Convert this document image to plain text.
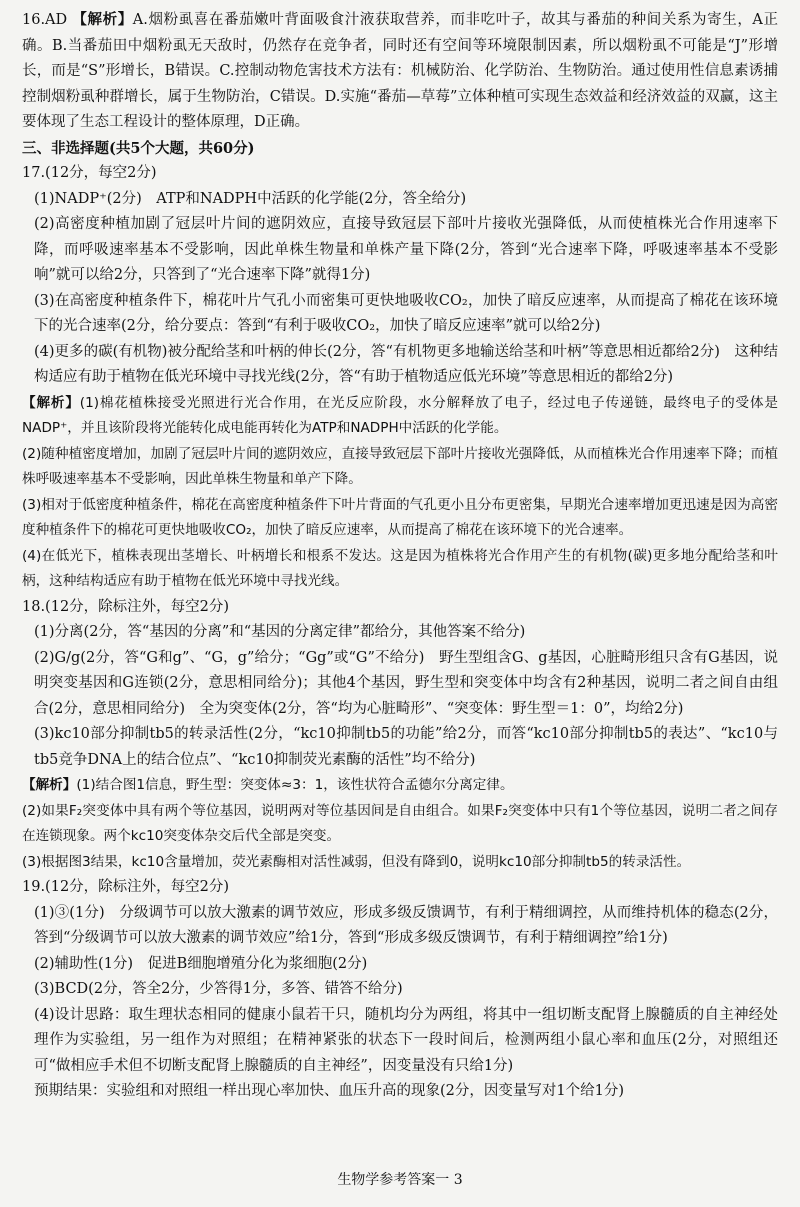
16.AD 【解析】A.烟粉虱喜在番茄嫩叶背面吸食汁液获取营养，而非吃叶子，故其与番茄的种间关系为寄生，A正确。B.当番茄田中烟粉虱无天敌时，仍然存在竞争者，同时还有空间等环境限制因素，所以烟粉虱不可能是“J”形增长，而是“S”形增长，B错误。C.控制动物危害技术方法有：机械防治、化学防治、生物防治。通过使用性信息素诱捕控制烟粉虱种群增长，属于生物防治，C错误。D.实施“番茄—草莓”立体种植可实现生态效益和经济效益的双赢，这主要体现了生态工程设计的整体原理，D正确。

三、非选择题(共5个大题，共60分)

17.(12分，每空2分)

(1)NADP⁺(2分)　ATP和NADPH中活跃的化学能(2分，答全给分)

(2)高密度种植加剧了冠层叶片间的遮阴效应，直接导致冠层下部叶片接收光强降低，从而使植株光合作用速率下降，而呼吸速率基本不受影响，因此单株生物量和单株产量下降(2分，答到“光合速率下降，呼吸速率基本不受影响”就可以给2分，只答到了“光合速率下降”就得1分)

(3)在高密度种植条件下，棉花叶片气孔小而密集可更快地吸收CO₂，加快了暗反应速率，从而提高了棉花在该环境下的光合速率(2分，给分要点：答到“有利于吸收CO₂，加快了暗反应速率”就可以给2分)

(4)更多的碳(有机物)被分配给茎和叶柄的伸长(2分，答“有机物更多地输送给茎和叶柄”等意思相近都给2分)　这种结构适应有助于植物在低光环境中寻找光线(2分，答“有助于植物适应低光环境”等意思相近的都给2分)

【解析】(1)棉花植株接受光照进行光合作用，在光反应阶段，水分解释放了电子，经过电子传递链，最终电子的受体是NADP⁺，并且该阶段将光能转化成电能再转化为ATP和NADPH中活跃的化学能。

(2)随种植密度增加，加剧了冠层叶片间的遮阴效应，直接导致冠层下部叶片接收光强降低，从而植株光合作用速率下降；而植株呼吸速率基本不受影响，因此单株生物量和单产下降。

(3)相对于低密度种植条件，棉花在高密度种植条件下叶片背面的气孔更小且分布更密集，早期光合速率增加更迅速是因为高密度种植条件下的棉花可更快地吸收CO₂，加快了暗反应速率，从而提高了棉花在该环境下的光合速率。

(4)在低光下，植株表现出茎增长、叶柄增长和根系不发达。这是因为植株将光合作用产生的有机物(碳)更多地分配给茎和叶柄，这种结构适应有助于植物在低光环境中寻找光线。

18.(12分，除标注外，每空2分)

(1)分离(2分，答“基因的分离”和“基因的分离定律”都给分，其他答案不给分)

(2)G/g(2分，答“G和g”、“G，g”给分；“Gg”或“G”不给分)　野生型组含G、g基因，心脏畸形组只含有G基因，说明突变基因和G连锁(2分，意思相同给分)；其他4个基因，野生型和突变体中均含有2种基因，说明二者之间自由组合(2分，意思相同给分)　全为突变体(2分，答“均为心脏畸形”、“突变体：野生型＝1：0”，均给2分)

(3)kc10部分抑制tb5的转录活性(2分，“kc10抑制tb5的功能”给2分，而答“kc10部分抑制tb5的表达”、“kc10与tb5竞争DNA上的结合位点”、“kc10抑制荧光素酶的活性”均不给分)

【解析】(1)结合图1信息，野生型：突变体≈3：1，该性状符合孟德尔分离定律。

(2)如果F₂突变体中具有两个等位基因，说明两对等位基因间是自由组合。如果F₂突变体中只有1个等位基因，说明二者之间存在连锁现象。两个kc10突变体杂交后代全部是突变。

(3)根据图3结果，kc10含量增加，荧光素酶相对活性减弱，但没有降到0，说明kc10部分抑制tb5的转录活性。

19.(12分，除标注外，每空2分)

(1)③(1分)　分级调节可以放大激素的调节效应，形成多级反馈调节，有利于精细调控，从而维持机体的稳态(2分，答到“分级调节可以放大激素的调节效应”给1分，答到“形成多级反馈调节，有利于精细调控”给1分)

(2)辅助性(1分)　促进B细胞增殖分化为浆细胞(2分)

(3)BCD(2分，答全2分，少答得1分，多答、错答不给分)

(4)设计思路：取生理状态相同的健康小鼠若干只，随机均分为两组，将其中一组切断支配肾上腺髓质的自主神经处理作为实验组，另一组作为对照组；在精神紧张的状态下一段时间后，检测两组小鼠心率和血压(2分，对照组还可“做相应手术但不切断支配肾上腺髓质的自主神经”，因变量没有只给1分)

预期结果：实验组和对照组一样出现心率加快、血压升高的现象(2分，因变量写对1个给1分)

生物学参考答案一 3
